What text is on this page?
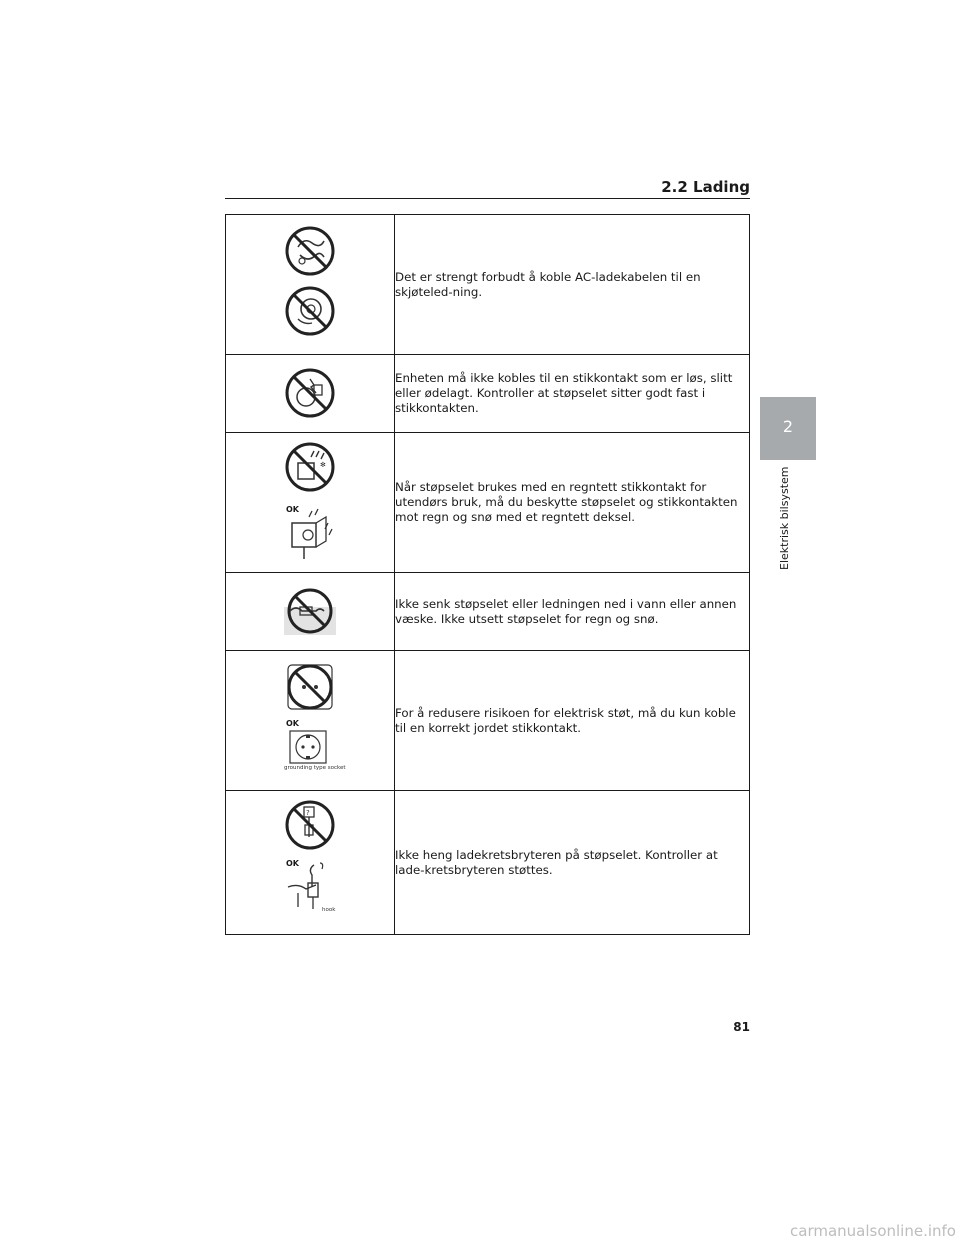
2.2 Lading
2
Elektrisk bilsystem
	Det er strengt forbudt å koble AC-ladekabelen til en skjøteled-ning.

	Enheten må ikke kobles til en stikkontakt som er løs, slitt eller ødelagt. Kontroller at støpselet sitter godt fast i stikkontakten.

✻
OK	Når støpselet brukes med en regntett stikkontakt for utendørs bruk, må du beskytte støpselet og stikkontakten mot regn og snø med et regntett deksel.

	Ikke senk støpselet eller ledningen ned i vann eller annen væske. Ikke utsett støpselet for regn og snø.

OK
grounding type socket	For å redusere risikoen for elektrisk støt, må du kun koble til en korrekt jordet stikkontakt.

?
OK
hook	Ikke heng ladekretsbryteren på støpselet. Kontroller at lade-kretsbryteren støttes.
81
carmanualsonline.info
